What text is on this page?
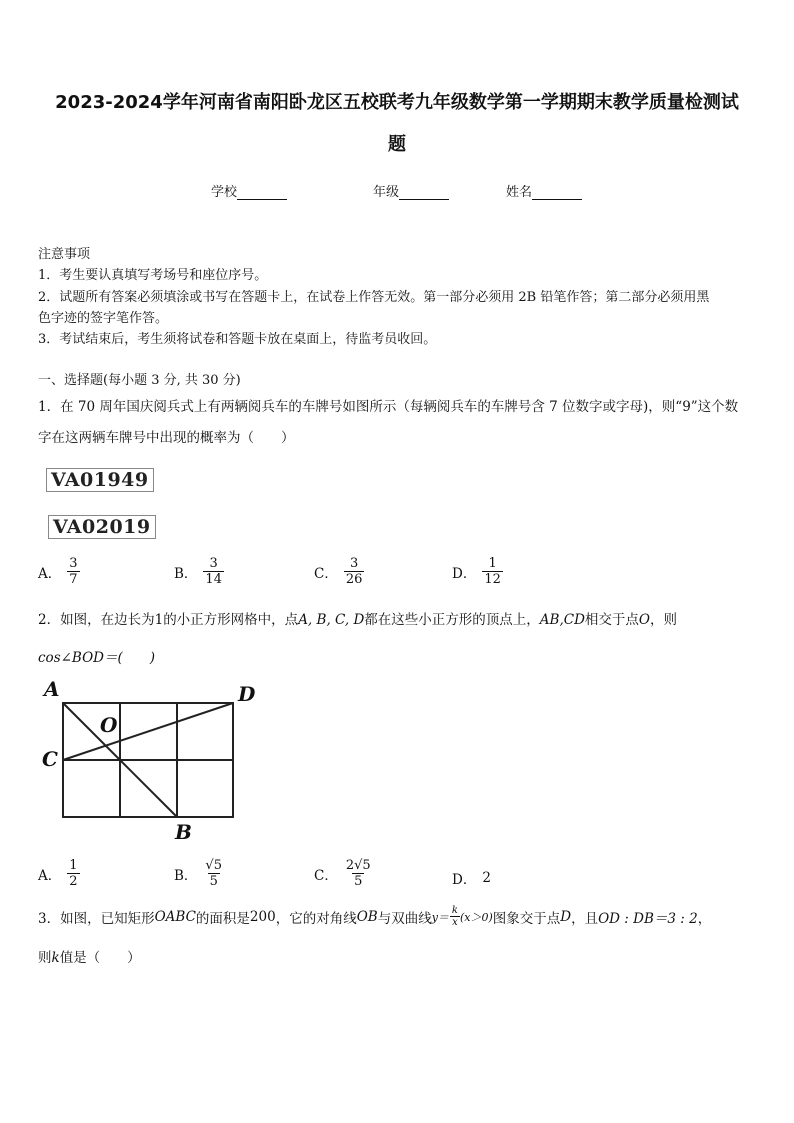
2023-2024学年河南省南阳卧龙区五校联考九年级数学第一学期期末教学质量检测试
题
学校	年级	姓名
注意事项
1．考生要认真填写考场号和座位序号。
2．试题所有答案必须填涂或书写在答题卡上，在试卷上作答无效。第一部分必须用 2B 铅笔作答；第二部分必须用黑
色字迹的签字笔作答。
3．考试结束后，考生须将试卷和答题卡放在桌面上，待监考员收回。
一、选择题(每小题 3 分, 共 30 分)
1．在 70 周年国庆阅兵式上有两辆阅兵车的车牌号如图所示（每辆阅兵车的车牌号含 7 位数字或字母)，则“9”这个数
字在这两辆车牌号中出现的概率为（　　）
VA01949
VA02019
A． $\frac{3}{7}$	B． $\frac{3}{14}$	C． $\frac{3}{26}$	D． $\frac{1}{12}$
2．如图，在边长为1的小正方形网格中，点A, B, C, D都在这些小正方形的顶点上，AB,CD相交于点O，则
cos∠BOD＝(　　)
A	D
C
B
O
A． $\frac{1}{2}$	B． $\frac{√5}{5}$	C． $\frac{2√5}{5}$	D． 2
3．如图，已知矩形 OABC 的面积是 200 ，它的对角线 OB 与双曲线 $y= \frac{k}{x} (x>0)$ 图象交于点 D ，且 OD : DB＝3 : 2 ，
则k值是（　　）
